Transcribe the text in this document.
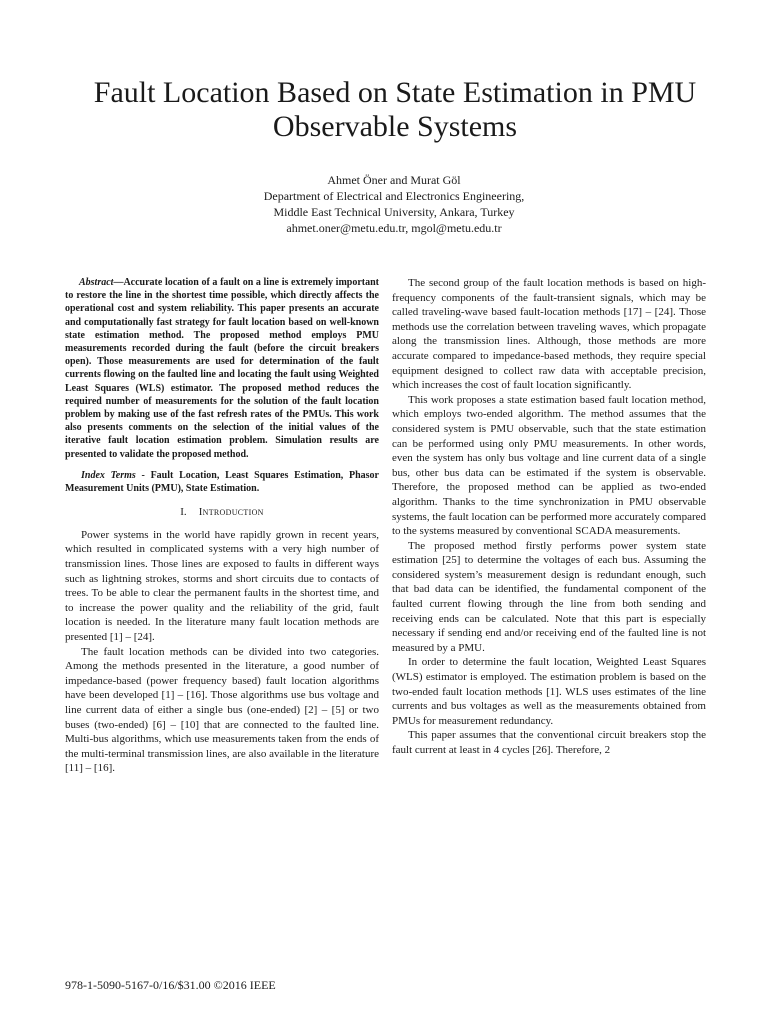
Fault Location Based on State Estimation in PMU Observable Systems
Ahmet Öner and Murat Göl
Department of Electrical and Electronics Engineering,
Middle East Technical University, Ankara, Turkey
ahmet.oner@metu.edu.tr, mgol@metu.edu.tr

Abstract—Accurate location of a fault on a line is extremely important to restore the line in the shortest time possible, which directly affects the operational cost and system reliability. This paper presents an accurate and computationally fast strategy for fault location based on well-known state estimation method. The proposed method employs PMU measurements recorded during the fault (before the circuit breakers open). Those measurements are used for determination of the fault currents flowing on the faulted line and locating the fault using Weighted Least Squares (WLS) estimator. The proposed method reduces the required number of measurements for the solution of the fault location problem by making use of the fast refresh rates of the PMUs. This work also presents comments on the selection of the initial values of the iterative fault location estimation problem. Simulation results are presented to validate the proposed method.

Index Terms - Fault Location, Least Squares Estimation, Phasor Measurement Units (PMU), State Estimation.

I. Introduction

Power systems in the world have rapidly grown in recent years, which resulted in complicated systems with a very high number of transmission lines. Those lines are exposed to faults in different ways such as lightning strokes, storms and short circuits due to contacts of trees. To be able to clear the permanent faults in the shortest time, and to increase the power quality and the reliability of the grid, fault location is needed. In the literature many fault location methods are presented [1] – [24].

The fault location methods can be divided into two categories. Among the methods presented in the literature, a good number of impedance-based (power frequency based) fault location algorithms have been developed [1] – [16]. Those algorithms use bus voltage and line current data of either a single bus (one-ended) [2] – [5] or two buses (two-ended) [6] – [10] that are connected to the faulted line. Multi-bus algorithms, which use measurements taken from the ends of the multi-terminal transmission lines, are also available in the literature [11] – [16].

The second group of the fault location methods is based on high-frequency components of the fault-transient signals, which may be called traveling-wave based fault-location methods [17] – [24]. Those methods use the correlation between traveling waves, which propagate along the transmission lines. Although, those methods are more accurate compared to impedance-based methods, they require special equipment designed to collect raw data with acceptable precision, which increases the cost of fault location significantly.

This work proposes a state estimation based fault location method, which employs two-ended algorithm. The method assumes that the considered system is PMU observable, such that the state estimation can be performed using only PMU measurements. In other words, even the system has only bus voltage and line current data of a single bus, other bus data can be estimated if the system is observable. Therefore, the proposed method can be applied as two-ended algorithm. Thanks to the time synchronization in PMU observable systems, the fault location can be performed more accurately compared to the systems measured by conventional SCADA measurements.

The proposed method firstly performs power system state estimation [25] to determine the voltages of each bus. Assuming the considered system’s measurement design is redundant enough, such that bad data can be identified, the fundamental component of the faulted current flowing through the line from both sending and receiving ends can be calculated. Note that this part is especially necessary if sending end and/or receiving end of the faulted line is not measured by a PMU.

In order to determine the fault location, Weighted Least Squares (WLS) estimator is employed. The estimation problem is based on the two-ended fault location methods [1]. WLS uses estimates of the line currents and bus voltages as well as the measurements obtained from PMUs for measurement redundancy.

This paper assumes that the conventional circuit breakers stop the fault current at least in 4 cycles [26]. Therefore, 2

978-1-5090-5167-0/16/$31.00 ©2016 IEEE
